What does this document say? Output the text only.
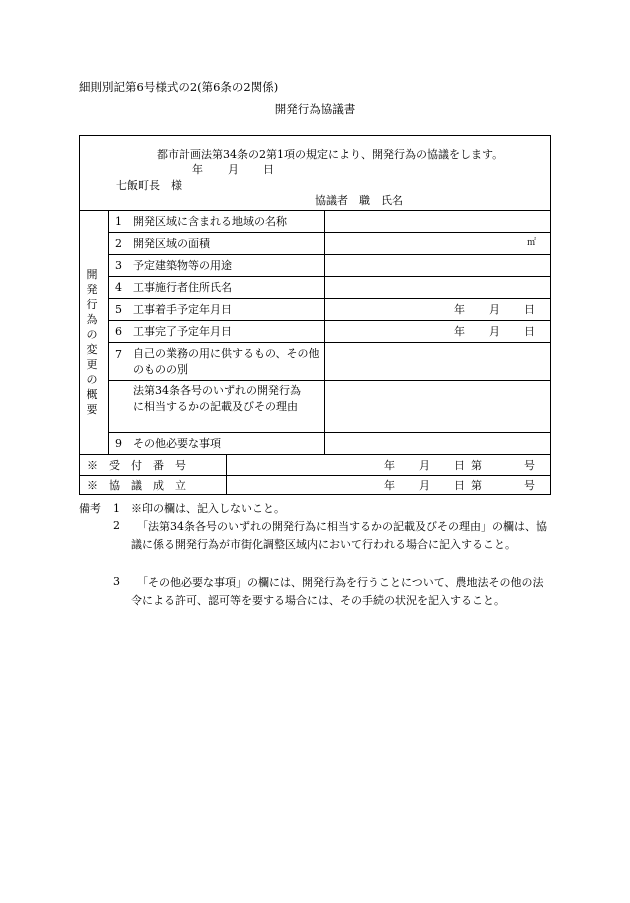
細則別記第6号様式の2(第6条の2関係)
開発行為協議書
都市計画法第34条の2第1項の規定により、開発行為の協議をします。
年 月 日
七飯町長　様
協議者　職　氏名
開発行為の変更の概要
1 開発区域に含まれる地域の名称
2 開発区域の面積	㎡
3 予定建築物等の用途
4 工事施行者住所氏名
5 工事着手予定年月日	年 月 日
6 工事完了予定年月日	年 月 日
7 自己の業務の用に供するもの、その他のものの別
法第34条各号のいずれの開発行為に相当するかの記載及びその理由
9 その他必要な事項
※　受　付　番　号	年 月 日 第	号
※　協　議　成　立	年 月 日 第	号
備考 1 ※印の欄は、記入しないこと。
2	「法第34条各号のいずれの開発行為に相当するかの記載及びその理由」の欄は、協議に係る開発行為が市街化調整区域内において行われる場合に記入すること。
3	「その他必要な事項」の欄には、開発行為を行うことについて、農地法その他の法令による許可、認可等を要する場合には、その手続の状況を記入すること。
